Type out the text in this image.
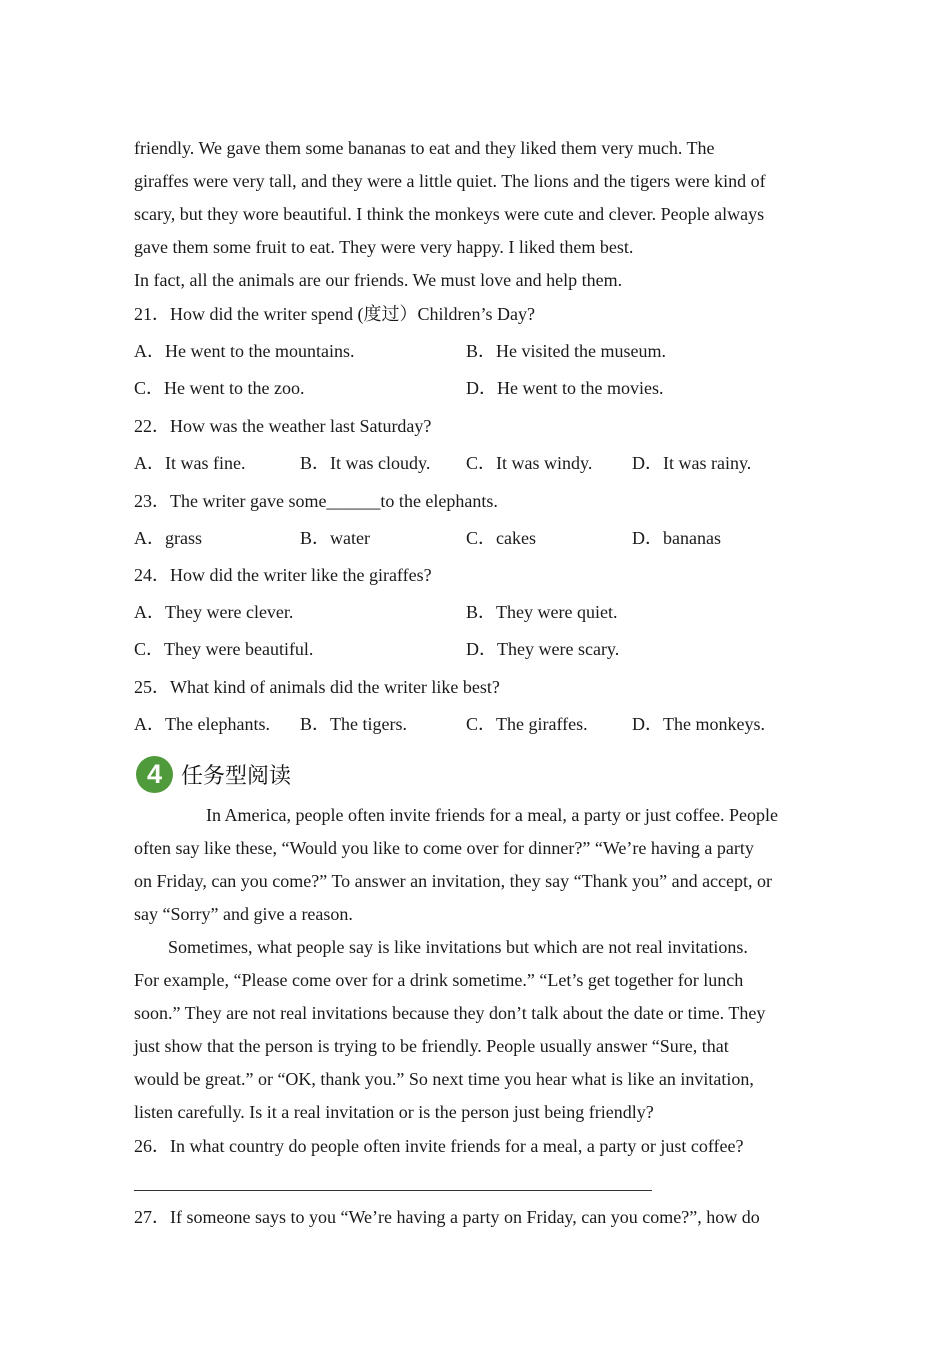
friendly. We gave them some bananas to eat and they liked them very much. The
giraffes were very tall, and they were a little quiet. The lions and the tigers were kind of
scary, but they wore beautiful. I think the monkeys were cute and clever. People always
gave them some fruit to eat. They were very happy. I liked them best.
In fact, all the animals are our friends. We must love and help them.
21．How did the writer spend (度过）Children’s Day?
A．He went to the mountains.	B．He visited the museum.
C．He went to the zoo.	D．He went to the movies.
22．How was the weather last Saturday?
A．It was fine.	B．It was cloudy. C．It was windy. D．It was rainy.
23．The writer gave some______to the elephants.
A．grass	B．water	C．cakes	D．bananas
24．How did the writer like the giraffes?
A．They were clever.	B．They were quiet.
C．They were beautiful.	D．They were scary.
25．What kind of animals did the writer like best?
A．The elephants. B．The tigers.	C．The giraffes. D．The monkeys.
4 任务型阅读
In America, people often invite friends for a meal, a party or just coffee. People
often say like these, “Would you like to come over for dinner?” “We’re having a party
on Friday, can you come?” To answer an invitation, they say “Thank you” and accept, or
say “Sorry” and give a reason.
Sometimes, what people say is like invitations but which are not real invitations.
For example, “Please come over for a drink sometime.” “Let’s get together for lunch
soon.” They are not real invitations because they don’t talk about the date or time. They
just show that the person is trying to be friendly. People usually answer “Sure, that
would be great.” or “OK, thank you.” So next time you hear what is like an invitation,
listen carefully. Is it a real invitation or is the person just being friendly?
26．In what country do people often invite friends for a meal, a party or just coffee?
27．If someone says to you “We’re having a party on Friday, can you come?”, how do
